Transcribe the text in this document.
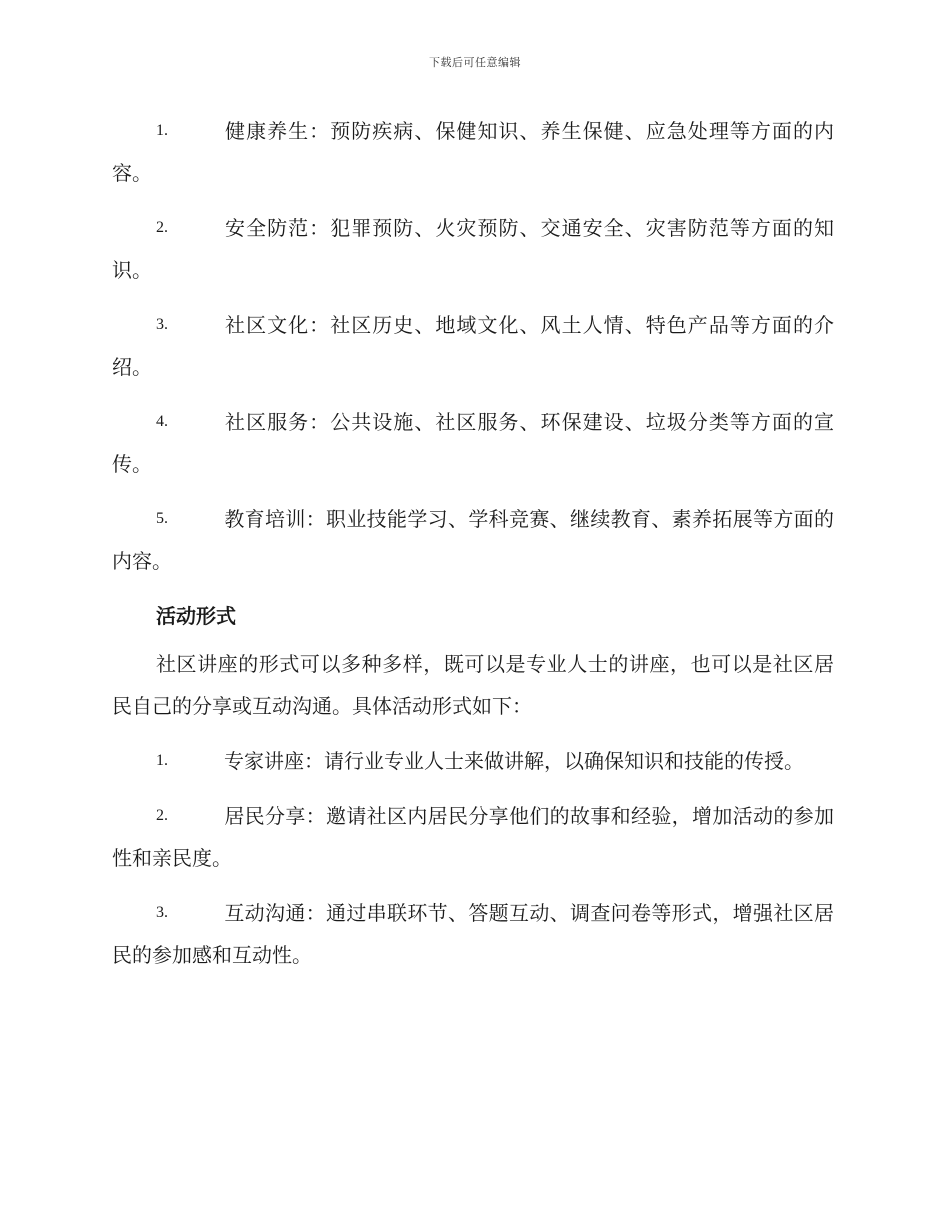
下载后可任意编辑
1.	健康养生：预防疾病、保健知识、养生保健、应急处理等方面的内容。
2.	安全防范：犯罪预防、火灾预防、交通安全、灾害防范等方面的知识。
3.	社区文化：社区历史、地域文化、风土人情、特色产品等方面的介绍。
4.	社区服务：公共设施、社区服务、环保建设、垃圾分类等方面的宣传。
5.	教育培训：职业技能学习、学科竞赛、继续教育、素养拓展等方面的内容。
活动形式
社区讲座的形式可以多种多样，既可以是专业人士的讲座，也可以是社区居民自己的分享或互动沟通。具体活动形式如下：
1.	专家讲座：请行业专业人士来做讲解，以确保知识和技能的传授。
2.	居民分享：邀请社区内居民分享他们的故事和经验，增加活动的参加性和亲民度。
3.	互动沟通：通过串联环节、答题互动、调查问卷等形式，增强社区居民的参加感和互动性。
